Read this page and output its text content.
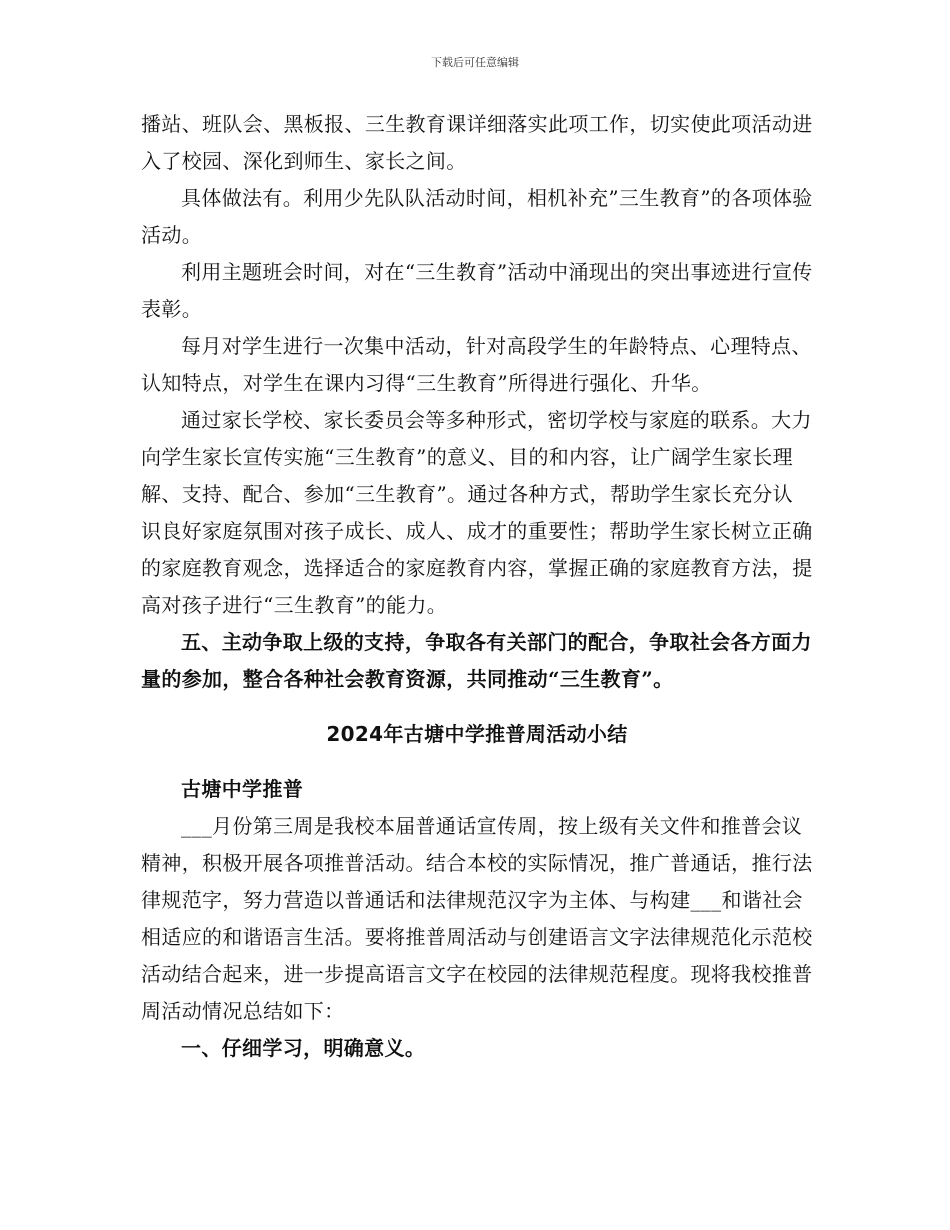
下载后可任意编辑

播站、班队会、黑板报、三生教育课详细落实此项工作，切实使此项活动进入了校园、深化到师生、家长之间。

具体做法有。利用少先队队活动时间，相机补充”三生教育”的各项体验活动。

利用主题班会时间，对在“三生教育”活动中涌现出的突出事迹进行宣传表彰。

每月对学生进行一次集中活动，针对高段学生的年龄特点、心理特点、认知特点，对学生在课内习得“三生教育”所得进行强化、升华。

通过家长学校、家长委员会等多种形式，密切学校与家庭的联系。大力向学生家长宣传实施“三生教育”的意义、目的和内容，让广阔学生家长理解、支持、配合、参加“三生教育”。通过各种方式，帮助学生家长充分认识良好家庭氛围对孩子成长、成人、成才的重要性；帮助学生家长树立正确的家庭教育观念，选择适合的家庭教育内容，掌握正确的家庭教育方法，提高对孩子进行“三生教育”的能力。

五、主动争取上级的支持，争取各有关部门的配合，争取社会各方面力量的参加，整合各种社会教育资源，共同推动“三生教育”。

2024年古塘中学推普周活动小结

古塘中学推普

___月份第三周是我校本届普通话宣传周，按上级有关文件和推普会议精神，积极开展各项推普活动。结合本校的实际情况，推广普通话，推行法律规范字，努力营造以普通话和法律规范汉字为主体、与构建___和谐社会相适应的和谐语言生活。要将推普周活动与创建语言文字法律规范化示范校活动结合起来，进一步提高语言文字在校园的法律规范程度。现将我校推普周活动情况总结如下：

一、仔细学习，明确意义。
